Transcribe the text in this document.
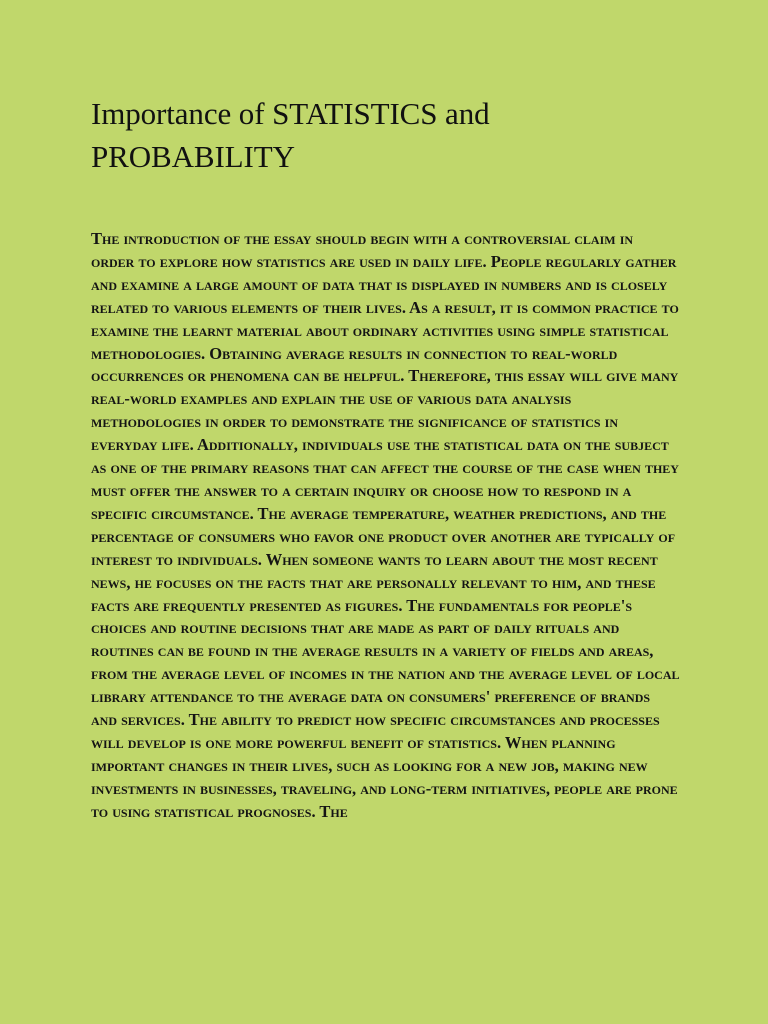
Importance of STATISTICS and
PROBABILITY

The introduction of the essay should begin with a controversial claim in order to explore how statistics are used in daily life. People regularly gather and examine a large amount of data that is displayed in numbers and is closely related to various elements of their lives. As a result, it is common practice to examine the learnt material about ordinary activities using simple statistical methodologies. Obtaining average results in connection to real-world occurrences or phenomena can be helpful. Therefore, this essay will give many real-world examples and explain the use of various data analysis methodologies in order to demonstrate the significance of statistics in everyday life. Additionally, individuals use the statistical data on the subject as one of the primary reasons that can affect the course of the case when they must offer the answer to a certain inquiry or choose how to respond in a specific circumstance. The average temperature, weather predictions, and the percentage of consumers who favor one product over another are typically of interest to individuals. When someone wants to learn about the most recent news, he focuses on the facts that are personally relevant to him, and these facts are frequently presented as figures. The fundamentals for people's choices and routine decisions that are made as part of daily rituals and routines can be found in the average results in a variety of fields and areas, from the average level of incomes in the nation and the average level of local library attendance to the average data on consumers' preference of brands and services. The ability to predict how specific circumstances and processes will develop is one more powerful benefit of statistics. When planning important changes in their lives, such as looking for a new job, making new investments in businesses, traveling, and long-term initiatives, people are prone to using statistical prognoses. The
